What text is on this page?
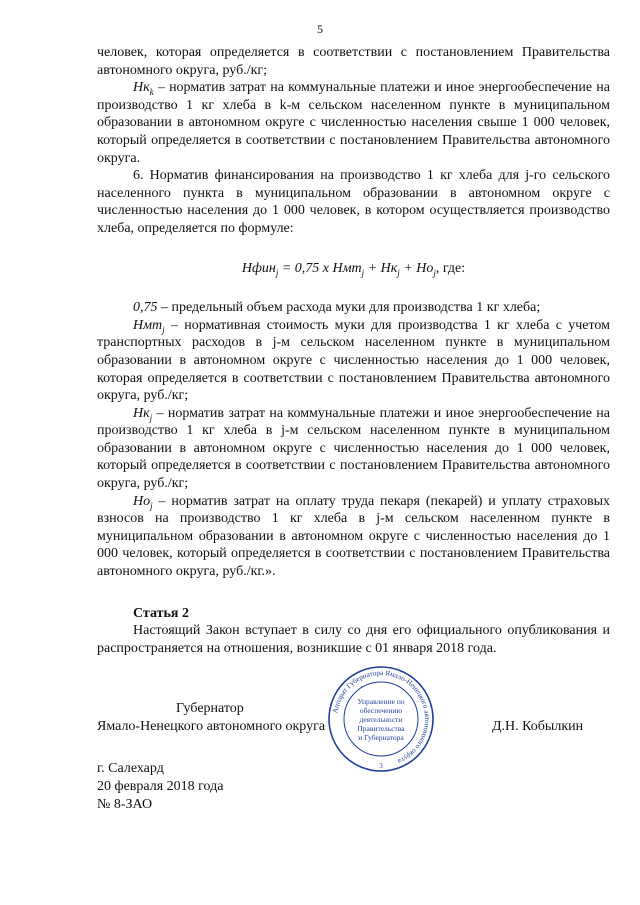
5

человек, которая определяется в соответствии с постановлением Правительства автономного округа, руб./кг;

$Нк_k$ – норматив затрат на коммунальные платежи и иное энергообеспечение на производство 1 кг хлеба в k-м сельском населенном пункте в муниципальном образовании в автономном округе с численностью населения свыше 1 000 человек, который определяется в соответствии с постановлением Правительства автономного округа.

6. Норматив финансирования на производство 1 кг хлеба для j-го сельского населенного пункта в муниципальном образовании в автономном округе с численностью населения до 1 000 человек, в котором осуществляется производство хлеба, определяется по формуле:

Нфин$_j$ = 0,75 х $Нмт_j + Нк_j + Но_j$, где:

0,75 – предельный объем расхода муки для производства 1 кг хлеба;

Нмт$_j$ – нормативная стоимость муки для производства 1 кг хлеба с учетом транспортных расходов в j-м сельском населенном пункте в муниципальном образовании в автономном округе с численностью населения до 1 000 человек, которая определяется в соответствии с постановлением Правительства автономного округа, руб./кг;

$Нк_j$ – норматив затрат на коммунальные платежи и иное энергообеспечение на производство 1 кг хлеба в j-м сельском населенном пункте в муниципальном образовании в автономном округе с численностью населения до 1 000 человек, который определяется в соответствии с постановлением Правительства автономного округа, руб./кг;

$Но_j$ – норматив затрат на оплату труда пекаря (пекарей) и уплату страховых взносов на производство 1 кг хлеба в j-м сельском населенном пункте в муниципальном образовании в автономном округе с численностью населения до 1 000 человек, который определяется в соответствии с постановлением Правительства автономного округа, руб./кг.».

Статья 2

Настоящий Закон вступает в силу со дня его официального опубликования и распространяется на отношения, возникшие с 01 января 2018 года.

Губернатор
Ямало-Ненецкого автономного округа	Д.Н. Кобылкин
Аппарат Губернатора Ямало-Ненецкого автономного округа
Управление по
обеспечению
деятельности
Правительства
и Губернатора
3
г. Салехард
20 февраля 2018 года
№ 8-ЗАО
